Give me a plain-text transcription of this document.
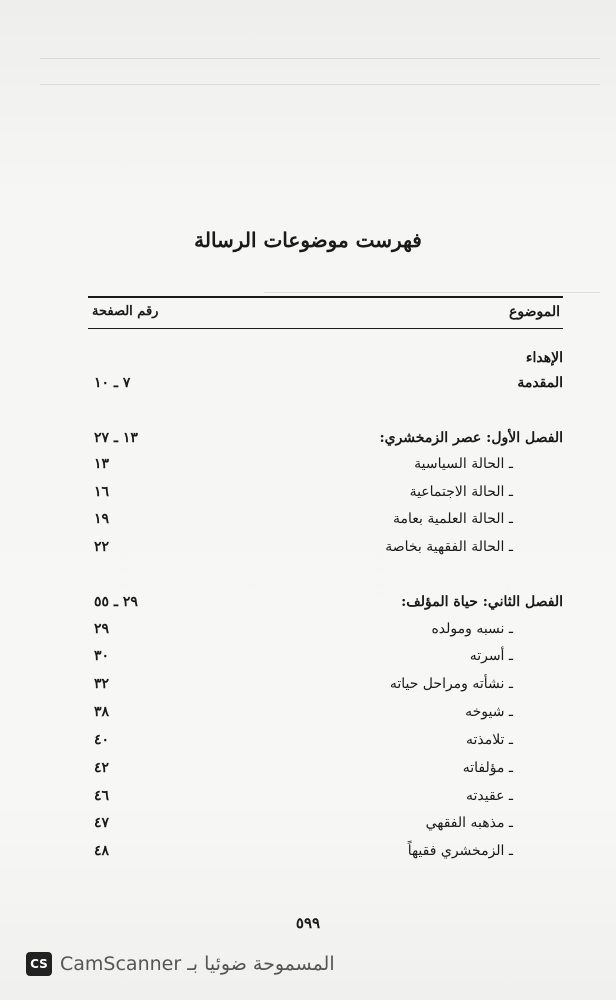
فهرست موضوعات الرسالة
الموضوع
رقم الصفحة
الإهداء
المقدمة
٧ ـ ١٠
الفصل الأول: عصر الزمخشري:
١٣ ـ ٢٧
ـ الحالة السياسية
١٣
ـ الحالة الاجتماعية
١٦
ـ الحالة العلمية بعامة
١٩
ـ الحالة الفقهية بخاصة
٢٢
الفصل الثاني: حياة المؤلف:
٢٩ ـ ٥٥
ـ نسبه ومولده
٢٩
ـ أسرته
٣٠
ـ نشأته ومراحل حياته
٣٢
ـ شيوخه
٣٨
ـ تلامذته
٤٠
ـ مؤلفاته
٤٢
ـ عقيدته
٤٦
ـ مذهبه الفقهي
٤٧
ـ الزمخشري فقيهاً
٤٨
٥٩٩
CS CamScanner المسموحة ضوئيا بـ
